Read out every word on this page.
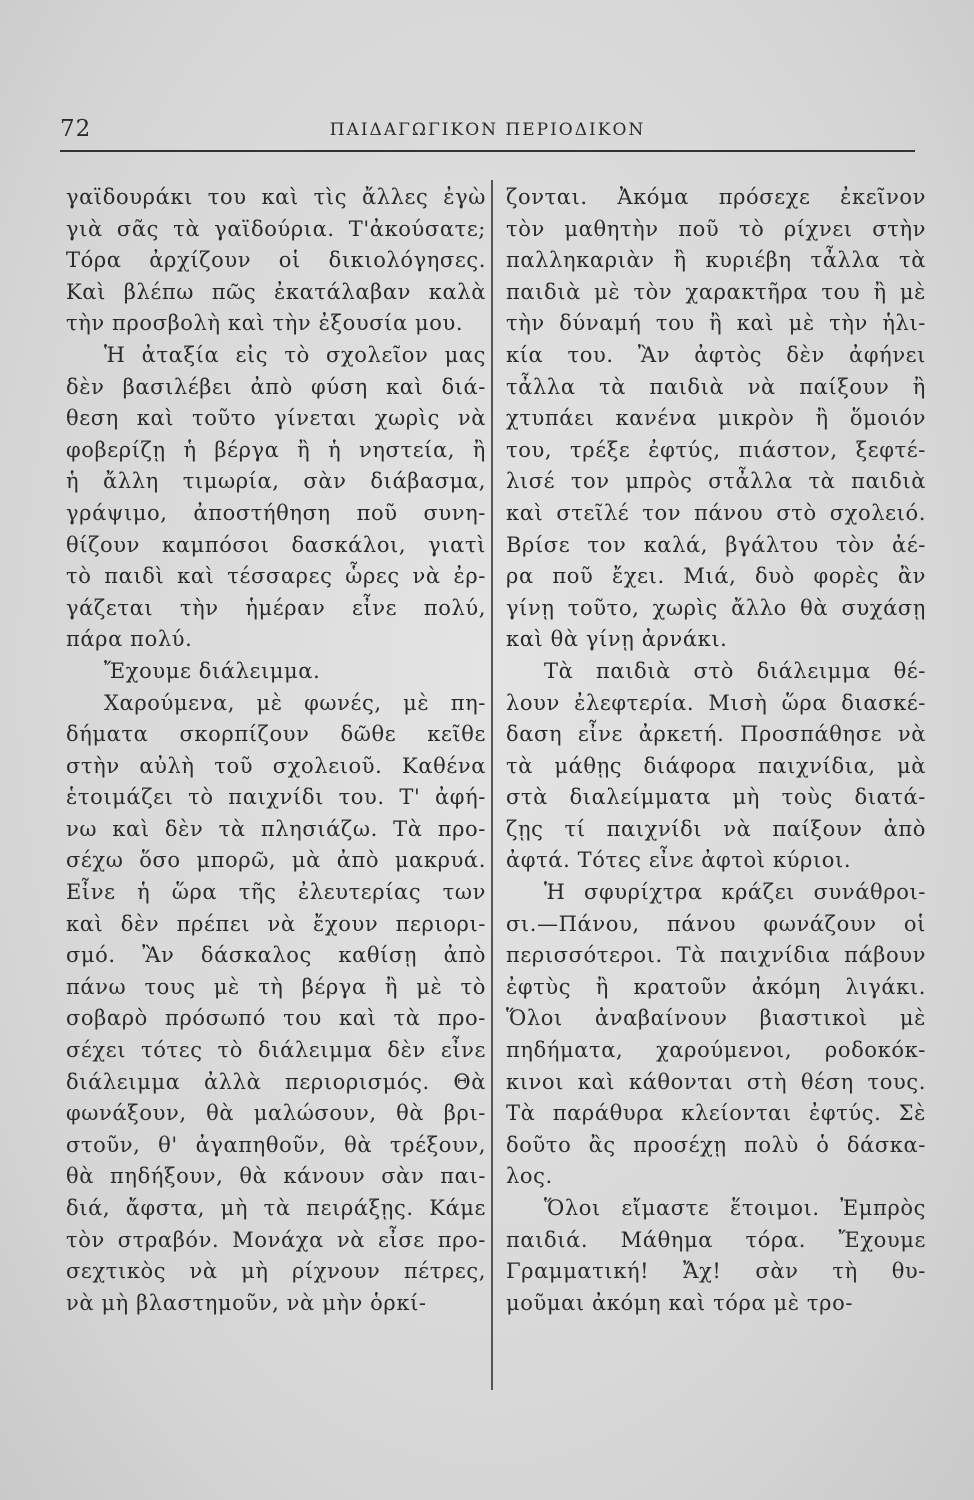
72	ΠΑΙΔΑΓΩΓΙΚΟΝ ΠΕΡΙΟΔΙΚΟΝ
γαϊδουράκι του καὶ τὶς ἄλλες ἐγὼ
γιὰ σᾶς τὰ γαϊδούρια. Τ'ἀκούσατε;
Τόρα ἀρχίζουν οἱ δικιολόγησες.
Καὶ βλέπω πῶς ἐκατάλαβαν καλὰ
τὴν προσβολὴ καὶ τὴν ἐξουσία μου.
Ἡ ἀταξία εἰς τὸ σχολεῖον μας
δὲν βασιλέβει ἀπὸ φύση καὶ διά-
θεση καὶ τοῦτο γίνεται χωρὶς νὰ
φοβερίζῃ ἡ βέργα ἢ ἡ νηστεία, ἢ
ἡ ἄλλη τιμωρία, σὰν διάβασμα,
γράψιμο, ἀποστήθηση ποῦ συνη-
θίζουν καμπόσοι δασκάλοι, γιατὶ
τὸ παιδὶ καὶ τέσσαρες ὧρες νὰ ἐρ-
γάζεται τὴν ἡμέραν εἶνε πολύ,
πάρα πολύ.
Ἔχουμε διάλειμμα.
Χαρούμενα, μὲ φωνές, μὲ πη-
δήματα σκορπίζουν δῶθε κεῖθε
στὴν αὐλὴ τοῦ σχολειοῦ. Καθένα
ἑτοιμάζει τὸ παιχνίδι του. Τ' ἀφή-
νω καὶ δὲν τὰ πλησιάζω. Τὰ προ-
σέχω ὅσο μπορῶ, μὰ ἀπὸ μακρυά.
Εἶνε ἡ ὥρα τῆς ἐλευτερίας των
καὶ δὲν πρέπει νὰ ἔχουν περιορι-
σμό. Ἂν δάσκαλος καθίσῃ ἀπὸ
πάνω τους μὲ τὴ βέργα ἢ μὲ τὸ
σοβαρὸ πρόσωπό του καὶ τὰ προ-
σέχει τότες τὸ διάλειμμα δὲν εἶνε
διάλειμμα ἀλλὰ περιορισμός. Θὰ
φωνάξουν, θὰ μαλώσουν, θὰ βρι-
στοῦν, θ' ἀγαπηθοῦν, θὰ τρέξουν,
θὰ πηδήξουν, θὰ κάνουν σὰν παι-
διά, ἄφστα, μὴ τὰ πειράξῃς. Κάμε
τὸν στραβόν. Μονάχα νὰ εἶσε προ-
σεχτικὸς νὰ μὴ ρίχνουν πέτρες,
νὰ μὴ βλαστημοῦν, νὰ μὴν ὁρκί-
ζονται. Ἀκόμα πρόσεχε ἐκεῖνον
τὸν μαθητὴν ποῦ τὸ ρίχνει στὴν
παλληκαριὰν ἢ κυριέβη τἆλλα τὰ
παιδιὰ μὲ τὸν χαρακτῆρα του ἢ μὲ
τὴν δύναμή του ἢ καὶ μὲ τὴν ἡλι-
κία του. Ἂν ἀφτὸς δὲν ἀφήνει
τἆλλα τὰ παιδιὰ νὰ παίξουν ἢ
χτυπάει κανένα μικρὸν ἢ ὅμοιόν
του, τρέξε ἐφτύς, πιάστον, ξεφτέ-
λισέ τον μπρὸς στἆλλα τὰ παιδιὰ
καὶ στεῖλέ τον πάνου στὸ σχολειό.
Βρίσε τον καλά, βγάλτου τὸν ἀέ-
ρα ποῦ ἔχει. Μιά, δυὸ φορὲς ἂν
γίνῃ τοῦτο, χωρὶς ἄλλο θὰ συχάσῃ
καὶ θὰ γίνῃ ἀρνάκι.
Τὰ παιδιὰ στὸ διάλειμμα θέ-
λουν ἐλεφτερία. Μισὴ ὥρα διασκέ-
δαση εἶνε ἀρκετή. Προσπάθησε νὰ
τὰ μάθῃς διάφορα παιχνίδια, μὰ
στὰ διαλείμματα μὴ τοὺς διατά-
ζῃς τί παιχνίδι νὰ παίξουν ἀπὸ
ἀφτά. Τότες εἶνε ἀφτοὶ κύριοι.
Ἡ σφυρίχτρα κράζει συνάθροι-
σι.—Πάνου, πάνου φωνάζουν οἱ
περισσότεροι. Τὰ παιχνίδια πάβουν
ἐφτὺς ἢ κρατοῦν ἀκόμη λιγάκι.
Ὅλοι ἀναβαίνουν βιαστικοὶ μὲ
πηδήματα, χαρούμενοι, ροδοκόκ-
κινοι καὶ κάθονται στὴ θέση τους.
Τὰ παράθυρα κλείονται ἐφτύς. Σὲ
δοῦτο ἂς προσέχῃ πολὺ ὁ δάσκα-
λος.
Ὅλοι εἴμαστε ἕτοιμοι. Ἐμπρὸς
παιδιά. Μάθημα τόρα. Ἔχουμε
Γραμματική! Ἄχ! σὰν τὴ θυ-
μοῦμαι ἀκόμη καὶ τόρα μὲ τρο-
